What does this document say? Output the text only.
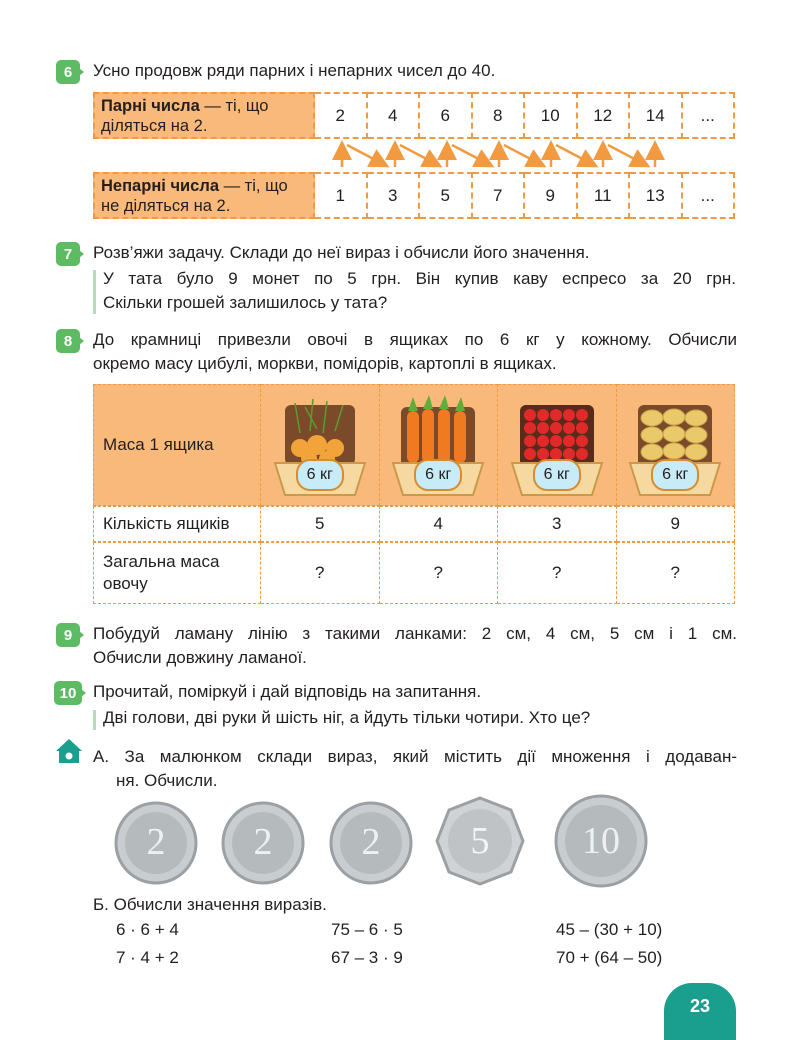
6 Усно продовж ряди парних і непарних чисел до 40.
Парні числа — ті, що діляться на 2.
2	4	6	8	10	12	14	...
Непарні числа — ті, що не діляться на 2.
1	3	5	7	9	11	13	...
7 Розв’яжи задачу. Склади до неї вираз і обчисли його значення.
У тата було 9 монет по 5 грн. Він купив каву еспресо за 20 грн.
Скільки грошей залишилось у тата?
8 До крамниці привезли овочі в ящиках по 6 кг у кожному. Обчисли
окремо масу цибулі, моркви, помідорів, картоплі в ящиках.
Маса 1 ящика
6 кг	6 кг	6 кг	6 кг
Кількість ящиків	5	4	3	9
Загальна маса
овочу
?	?	?	?
9 Побудуй ламану лінію з такими ланками: 2 см, 4 см, 5 см і 1 см.
Обчисли довжину ламаної.
10 Прочитай, поміркуй і дай відповідь на запитання.
Дві голови, дві руки й шість ніг, а йдуть тільки чотири. Хто це?
А. За малюнком склади вираз, який містить дії множення і додаван-
ня. Обчисли.
2	2	2	5	10
Б. Обчисли значення виразів.
6 · 6 + 4
7 · 4 + 2
75 – 6 · 5
67 – 3 · 9
45 – (30 + 10)
70 + (64 – 50)
23
